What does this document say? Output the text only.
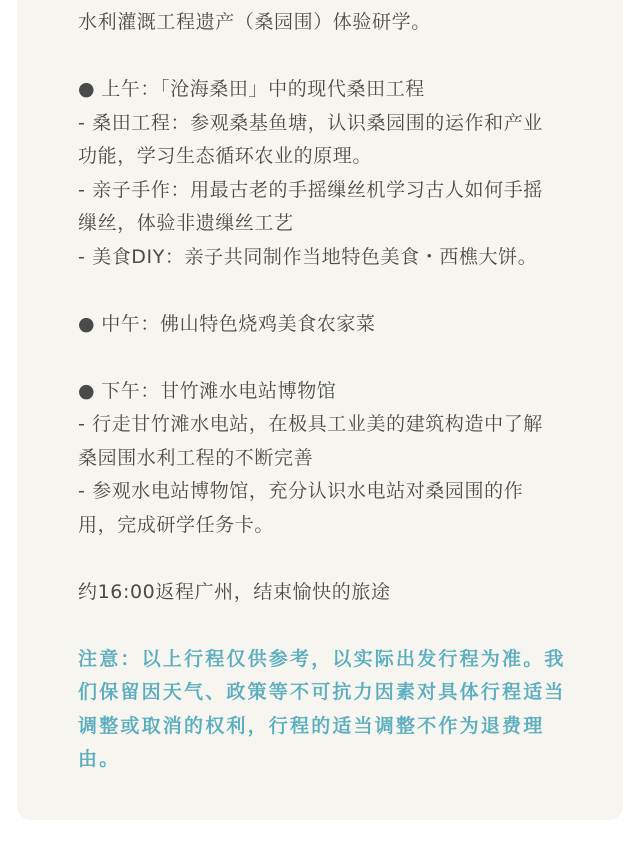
水利灌溉工程遗产（桑园围）体验研学。
● 上午：「沧海桑田」中的现代桑田工程
- 桑田工程：参观桑基鱼塘，认识桑园围的运作和产业
功能，学习生态循环农业的原理。
- 亲子手作：用最古老的手摇缫丝机学习古人如何手摇
缫丝，体验非遗缫丝工艺
- 美食DIY：亲子共同制作当地特色美食・西樵大饼。
● 中午：佛山特色烧鸡美食农家菜
● 下午：甘竹滩水电站博物馆
- 行走甘竹滩水电站，在极具工业美的建筑构造中了解
桑园围水利工程的不断完善
- 参观水电站博物馆，充分认识水电站对桑园围的作
用，完成研学任务卡。
约16:00返程广州，结束愉快的旅途
注意：以上行程仅供参考，以实际出发行程为准。我
们保留因天气、政策等不可抗力因素对具体行程适当
调整或取消的权利，行程的适当调整不作为退费理
由。
